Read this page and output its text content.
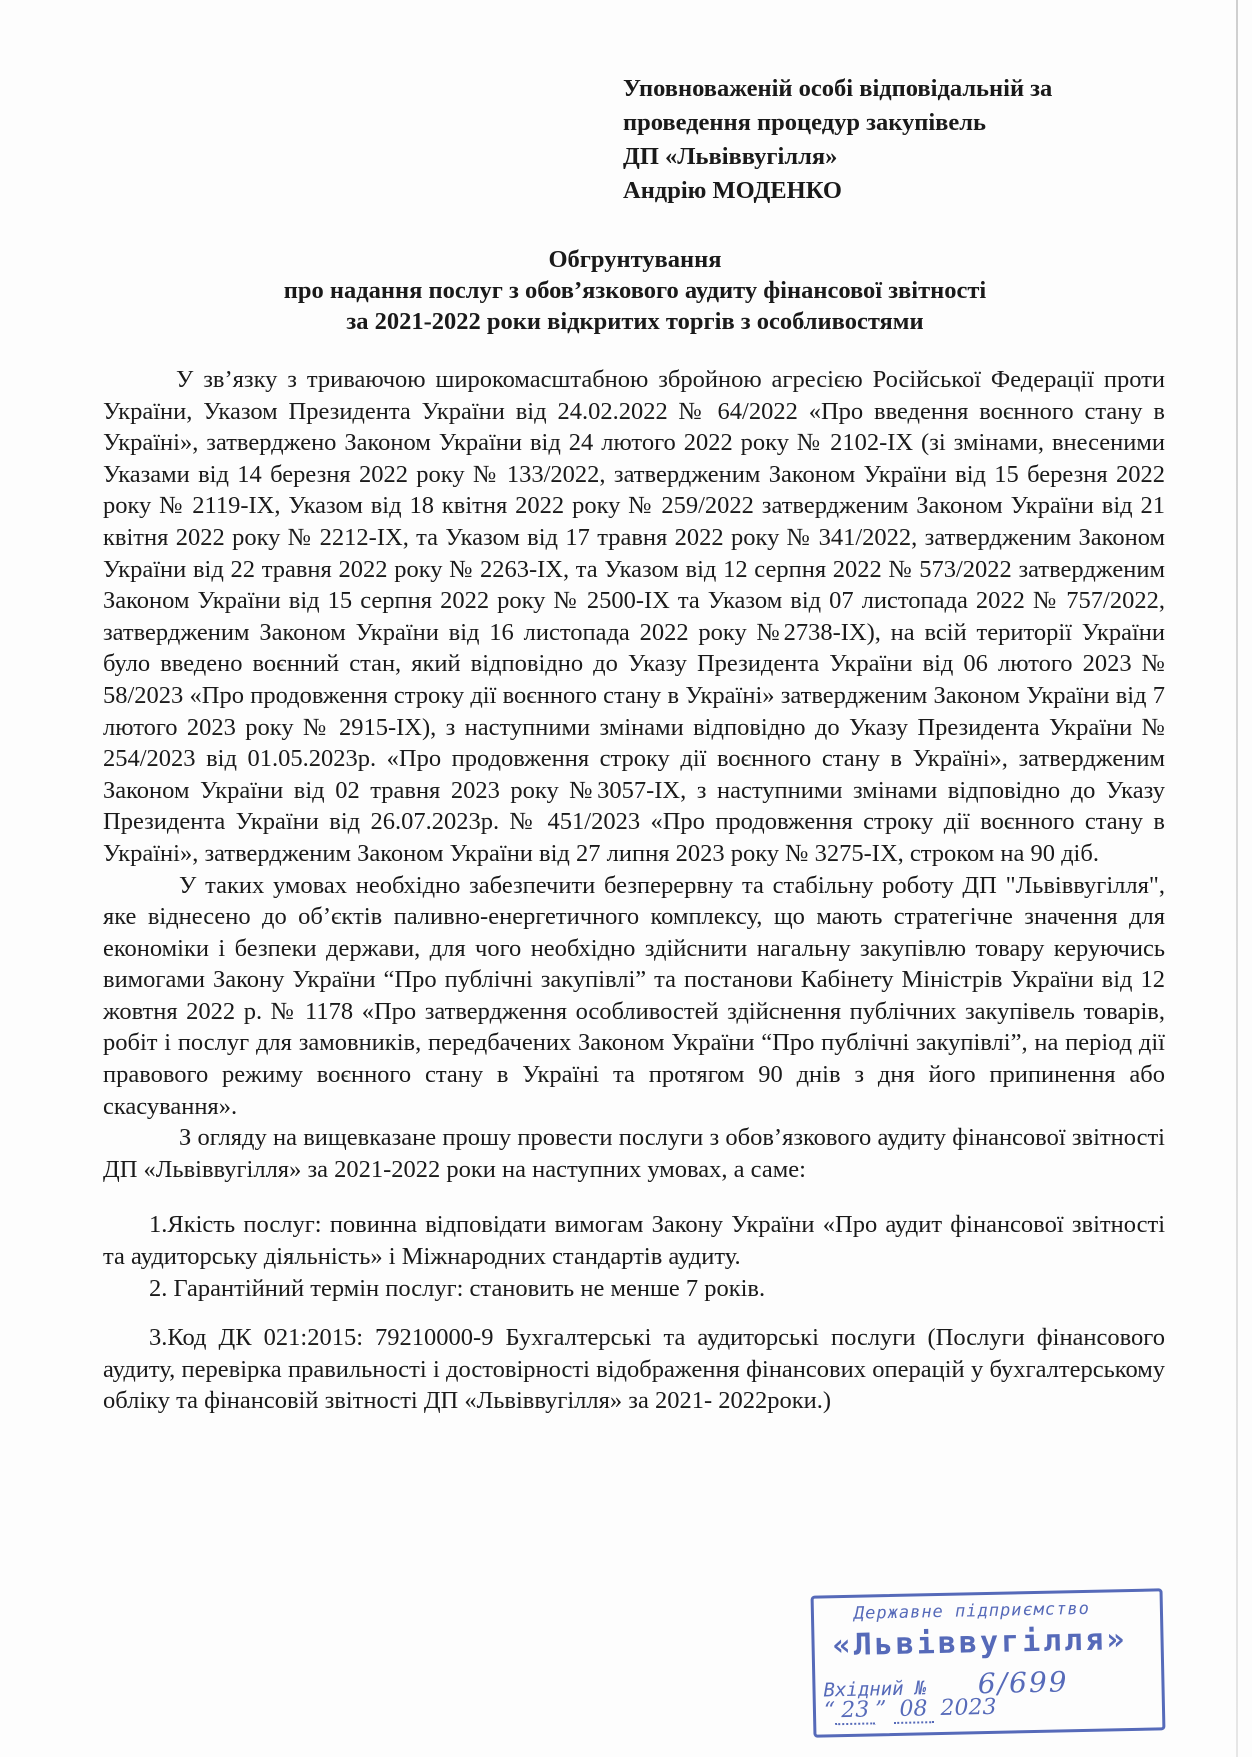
Уповноваженій особі відповідальній за
проведення процедур закупівель
ДП «Львіввугілля»
Андрію МОДЕНКО
Обгрунтування
про надання послуг з обов’язкового аудиту фінансової звітності
за 2021-2022 роки відкритих торгів з особливостями

У зв’язку з триваючою широкомасштабною збройною агресією Російської Федерації проти України, Указом Президента України від 24.02.2022 № 64/2022 «Про введення воєнного стану в Україні», затверджено Законом України від 24 лютого 2022 року № 2102-IX (зі змінами, внесеними Указами від 14 березня 2022 року № 133/2022, затвердженим Законом України від 15 березня 2022 року № 2119-IX, Указом від 18 квітня 2022 року № 259/2022 затвердженим Законом України від 21 квітня 2022 року № 2212-IX, та Указом від 17 травня 2022 року № 341/2022, затвердженим Законом України від 22 травня 2022 року № 2263-IX, та Указом від 12 серпня 2022 № 573/2022 затвердженим Законом України від 15 серпня 2022 року № 2500-IX та Указом від 07 листопада 2022 № 757/2022, затвердженим Законом України від 16 листопада 2022 року №2738-IX), на всій території України було введено воєнний стан, який відповідно до Указу Президента України від 06 лютого 2023 № 58/2023 «Про продовження строку дії воєнного стану в Україні» затвердженим Законом України від 7 лютого 2023 року № 2915-IX), з наступними змінами відповідно до Указу Президента України № 254/2023 від 01.05.2023р. «Про продовження строку дії воєнного стану в Україні», затвердженим Законом України від 02 травня 2023 року №3057-IX, з наступними змінами відповідно до Указу Президента України від 26.07.2023р. № 451/2023 «Про продовження строку дії воєнного стану в Україні», затвердженим Законом України від 27 липня 2023 року № 3275-IX, строком на 90 діб.

У таких умовах необхідно забезпечити безперервну та стабільну роботу ДП "Львіввугілля", яке віднесено до об’єктів паливно-енергетичного комплексу, що мають стратегічне значення для економіки і безпеки держави, для чого необхідно здійснити нагальну закупівлю товару керуючись вимогами Закону України “Про публічні закупівлі” та постанови Кабінету Міністрів України від 12 жовтня 2022 р. № 1178 «Про затвердження особливостей здійснення публічних закупівель товарів, робіт і послуг для замовників, передбачених Законом України “Про публічні закупівлі”, на період дії правового режиму воєнного стану в Україні та протягом 90 днів з дня його припинення або скасування».

З огляду на вищевказане прошу провести послуги з обов’язкового аудиту фінансової звітності ДП «Львіввугілля» за 2021-2022 роки на наступних умовах, а саме:

1.Якість послуг: повинна відповідати вимогам Закону України «Про аудит фінансової звітності та аудиторську діяльність» і Міжнародних стандартів аудиту.

2. Гарантійний термін послуг: становить не менше 7 років.

3.Код ДК 021:2015: 79210000-9 Бухгалтерські та аудиторські послуги (Послуги фінансового аудиту, перевірка правильності і достовірності відображення фінансових операцій у бухгалтерському обліку та фінансовій звітності ДП «Львіввугілля» за 2021- 2022роки.)

Державне підприємство
«Львіввугілля»
Вхідний № 6/699
“ 23 ” 08 2023
